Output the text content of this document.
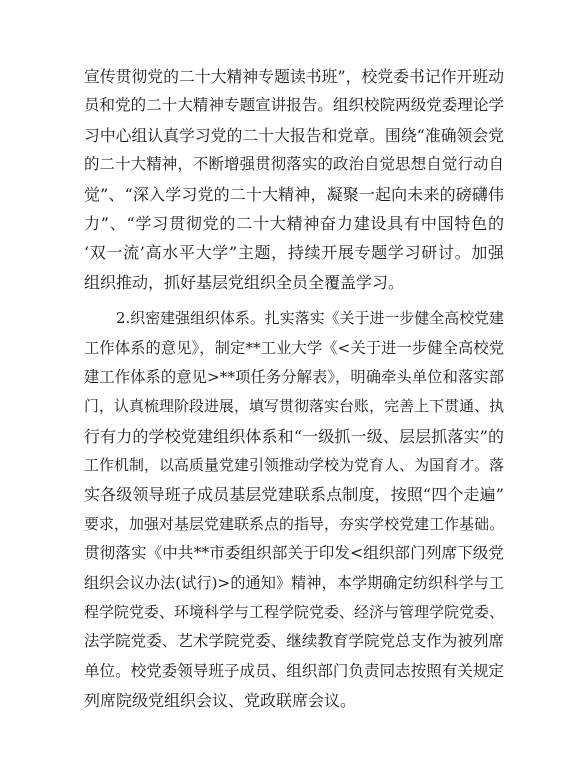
宣传贯彻党的二十大精神专题读书班”，校党委书记作开班动
员和党的二十大精神专题宣讲报告。组织校院两级党委理论学
习中心组认真学习党的二十大报告和党章。围绕“准确领会党
的二十大精神，不断增强贯彻落实的政治自觉思想自觉行动自
觉”、“深入学习党的二十大精神，凝聚一起向未来的磅礴伟
力”、“学习贯彻党的二十大精神奋力建设具有中国特色的
‘双一流’高水平大学”主题，持续开展专题学习研讨。加强
组织推动，抓好基层党组织全员全覆盖学习。
2.织密建强组织体系。扎实落实《关于进一步健全高校党建
工作体系的意见》，制定**工业大学《<关于进一步健全高校党
建工作体系的意见>**项任务分解表》，明确牵头单位和落实部
门，认真梳理阶段进展，填写贯彻落实台账，完善上下贯通、执
行有力的学校党建组织体系和“一级抓一级、层层抓落实”的
工作机制，以高质量党建引领推动学校为党育人、为国育才。落
实各级领导班子成员基层党建联系点制度，按照“四个走遍”
要求，加强对基层党建联系点的指导，夯实学校党建工作基础。
贯彻落实《中共**市委组织部关于印发<组织部门列席下级党
组织会议办法(试行)>的通知》精神，本学期确定纺织科学与工
程学院党委、环境科学与工程学院党委、经济与管理学院党委、
法学院党委、艺术学院党委、继续教育学院党总支作为被列席
单位。校党委领导班子成员、组织部门负责同志按照有关规定
列席院级党组织会议、党政联席会议。
